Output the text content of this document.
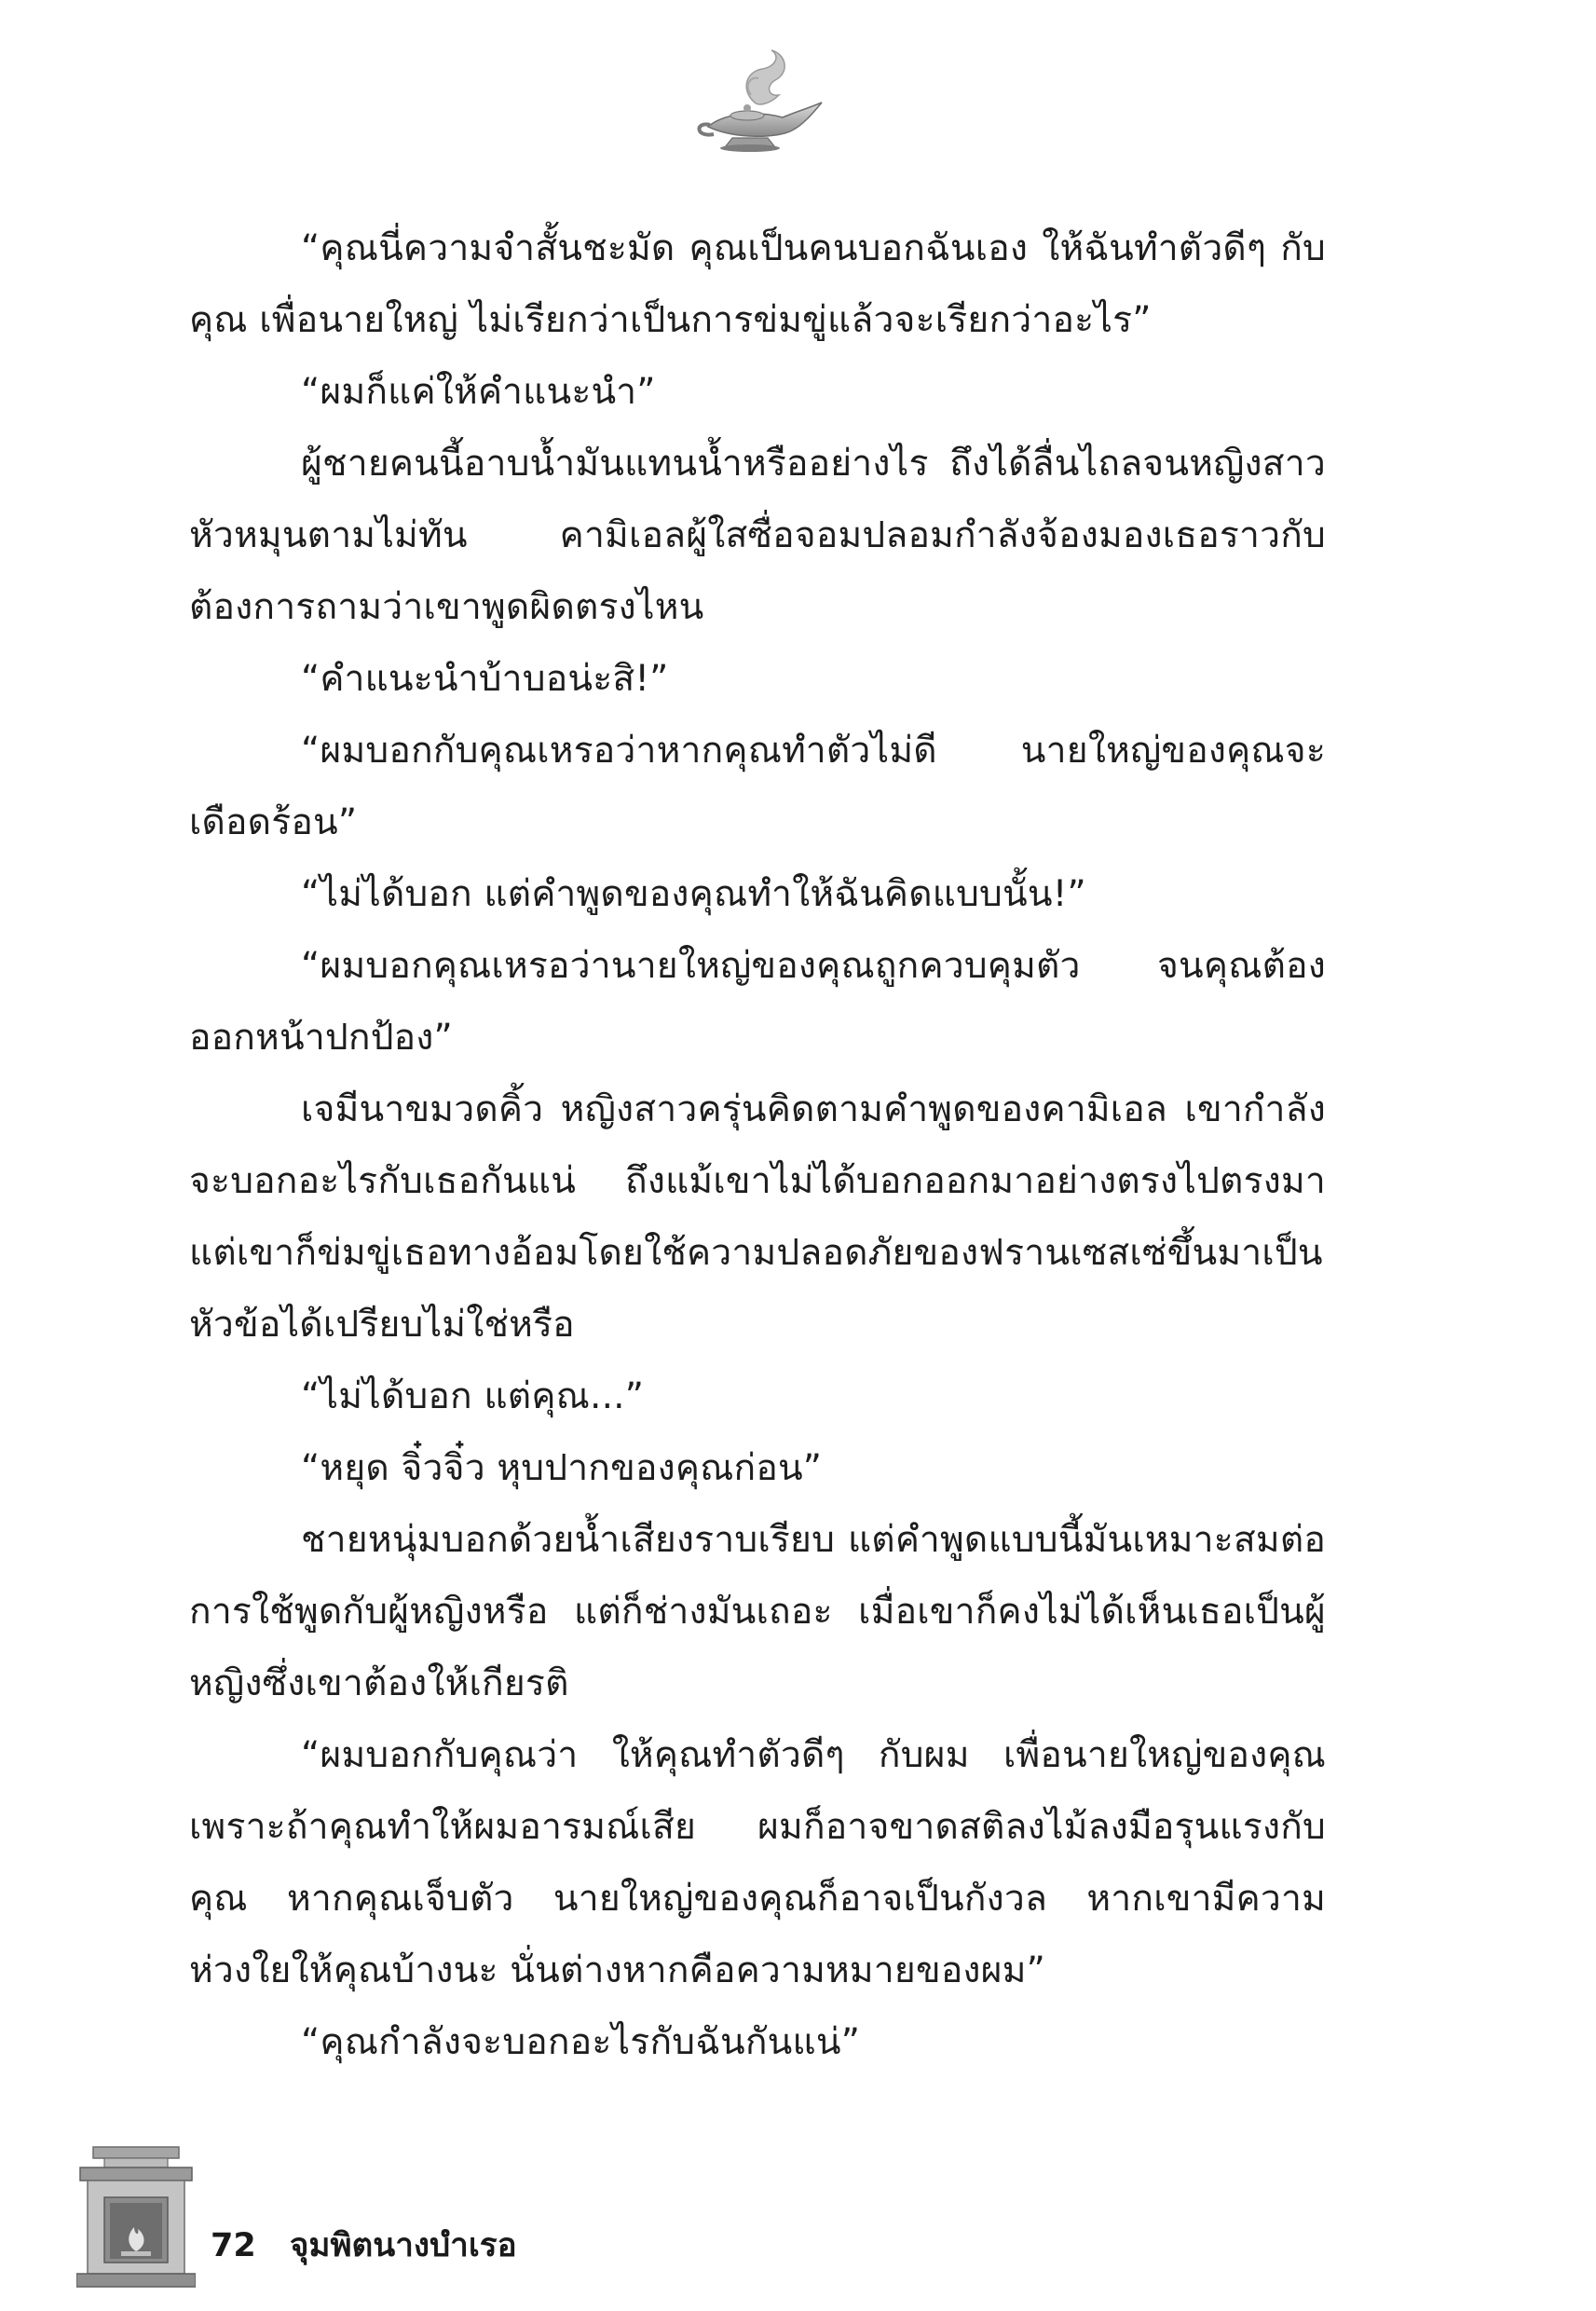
“คุณนี่ความจำสั้นชะมัด คุณเป็นคนบอกฉันเอง ให้ฉันทำตัวดีๆ กับคุณ เพื่อนายใหญ่ ไม่เรียกว่าเป็นการข่มขู่แล้วจะเรียกว่าอะไร”

“ผมก็แค่ให้คำแนะนำ”

ผู้ชายคนนี้อาบน้ำมันแทนน้ำหรืออย่างไร ถึงได้ลื่นไถลจนหญิงสาวหัวหมุนตามไม่ทัน คามิเอลผู้ใสซื่อจอมปลอมกำลังจ้องมองเธอราวกับต้องการถามว่าเขาพูดผิดตรงไหน

“คำแนะนำบ้าบอน่ะสิ!”

“ผมบอกกับคุณเหรอว่าหากคุณทำตัวไม่ดี นายใหญ่ของคุณจะเดือดร้อน”

“ไม่ได้บอก แต่คำพูดของคุณทำให้ฉันคิดแบบนั้น!”

“ผมบอกคุณเหรอว่านายใหญ่ของคุณถูกควบคุมตัว จนคุณต้องออกหน้าปกป้อง”

เจมีนาขมวดคิ้ว หญิงสาวครุ่นคิดตามคำพูดของคามิเอล เขากำลังจะบอกอะไรกับเธอกันแน่ ถึงแม้เขาไม่ได้บอกออกมาอย่างตรงไปตรงมา แต่เขาก็ข่มขู่เธอทางอ้อมโดยใช้ความปลอดภัยของฟรานเซสเซ่ขึ้นมาเป็นหัวข้อได้เปรียบไม่ใช่หรือ

“ไม่ได้บอก แต่คุณ...”

“หยุด จิ๋วจิ๋ว หุบปากของคุณก่อน”

ชายหนุ่มบอกด้วยน้ำเสียงราบเรียบ แต่คำพูดแบบนี้มันเหมาะสมต่อการใช้พูดกับผู้หญิงหรือ แต่ก็ช่างมันเถอะ เมื่อเขาก็คงไม่ได้เห็นเธอเป็นผู้หญิงซึ่งเขาต้องให้เกียรติ

“ผมบอกกับคุณว่า ให้คุณทำตัวดีๆ กับผม เพื่อนายใหญ่ของคุณ เพราะถ้าคุณทำให้ผมอารมณ์เสีย ผมก็อาจขาดสติลงไม้ลงมือรุนแรงกับคุณ หากคุณเจ็บตัว นายใหญ่ของคุณก็อาจเป็นกังวล หากเขามีความห่วงใยให้คุณบ้างนะ นั่นต่างหากคือความหมายของผม”

“คุณกำลังจะบอกอะไรกับฉันกันแน่”

72 จุมพิตนางบำเรอ
